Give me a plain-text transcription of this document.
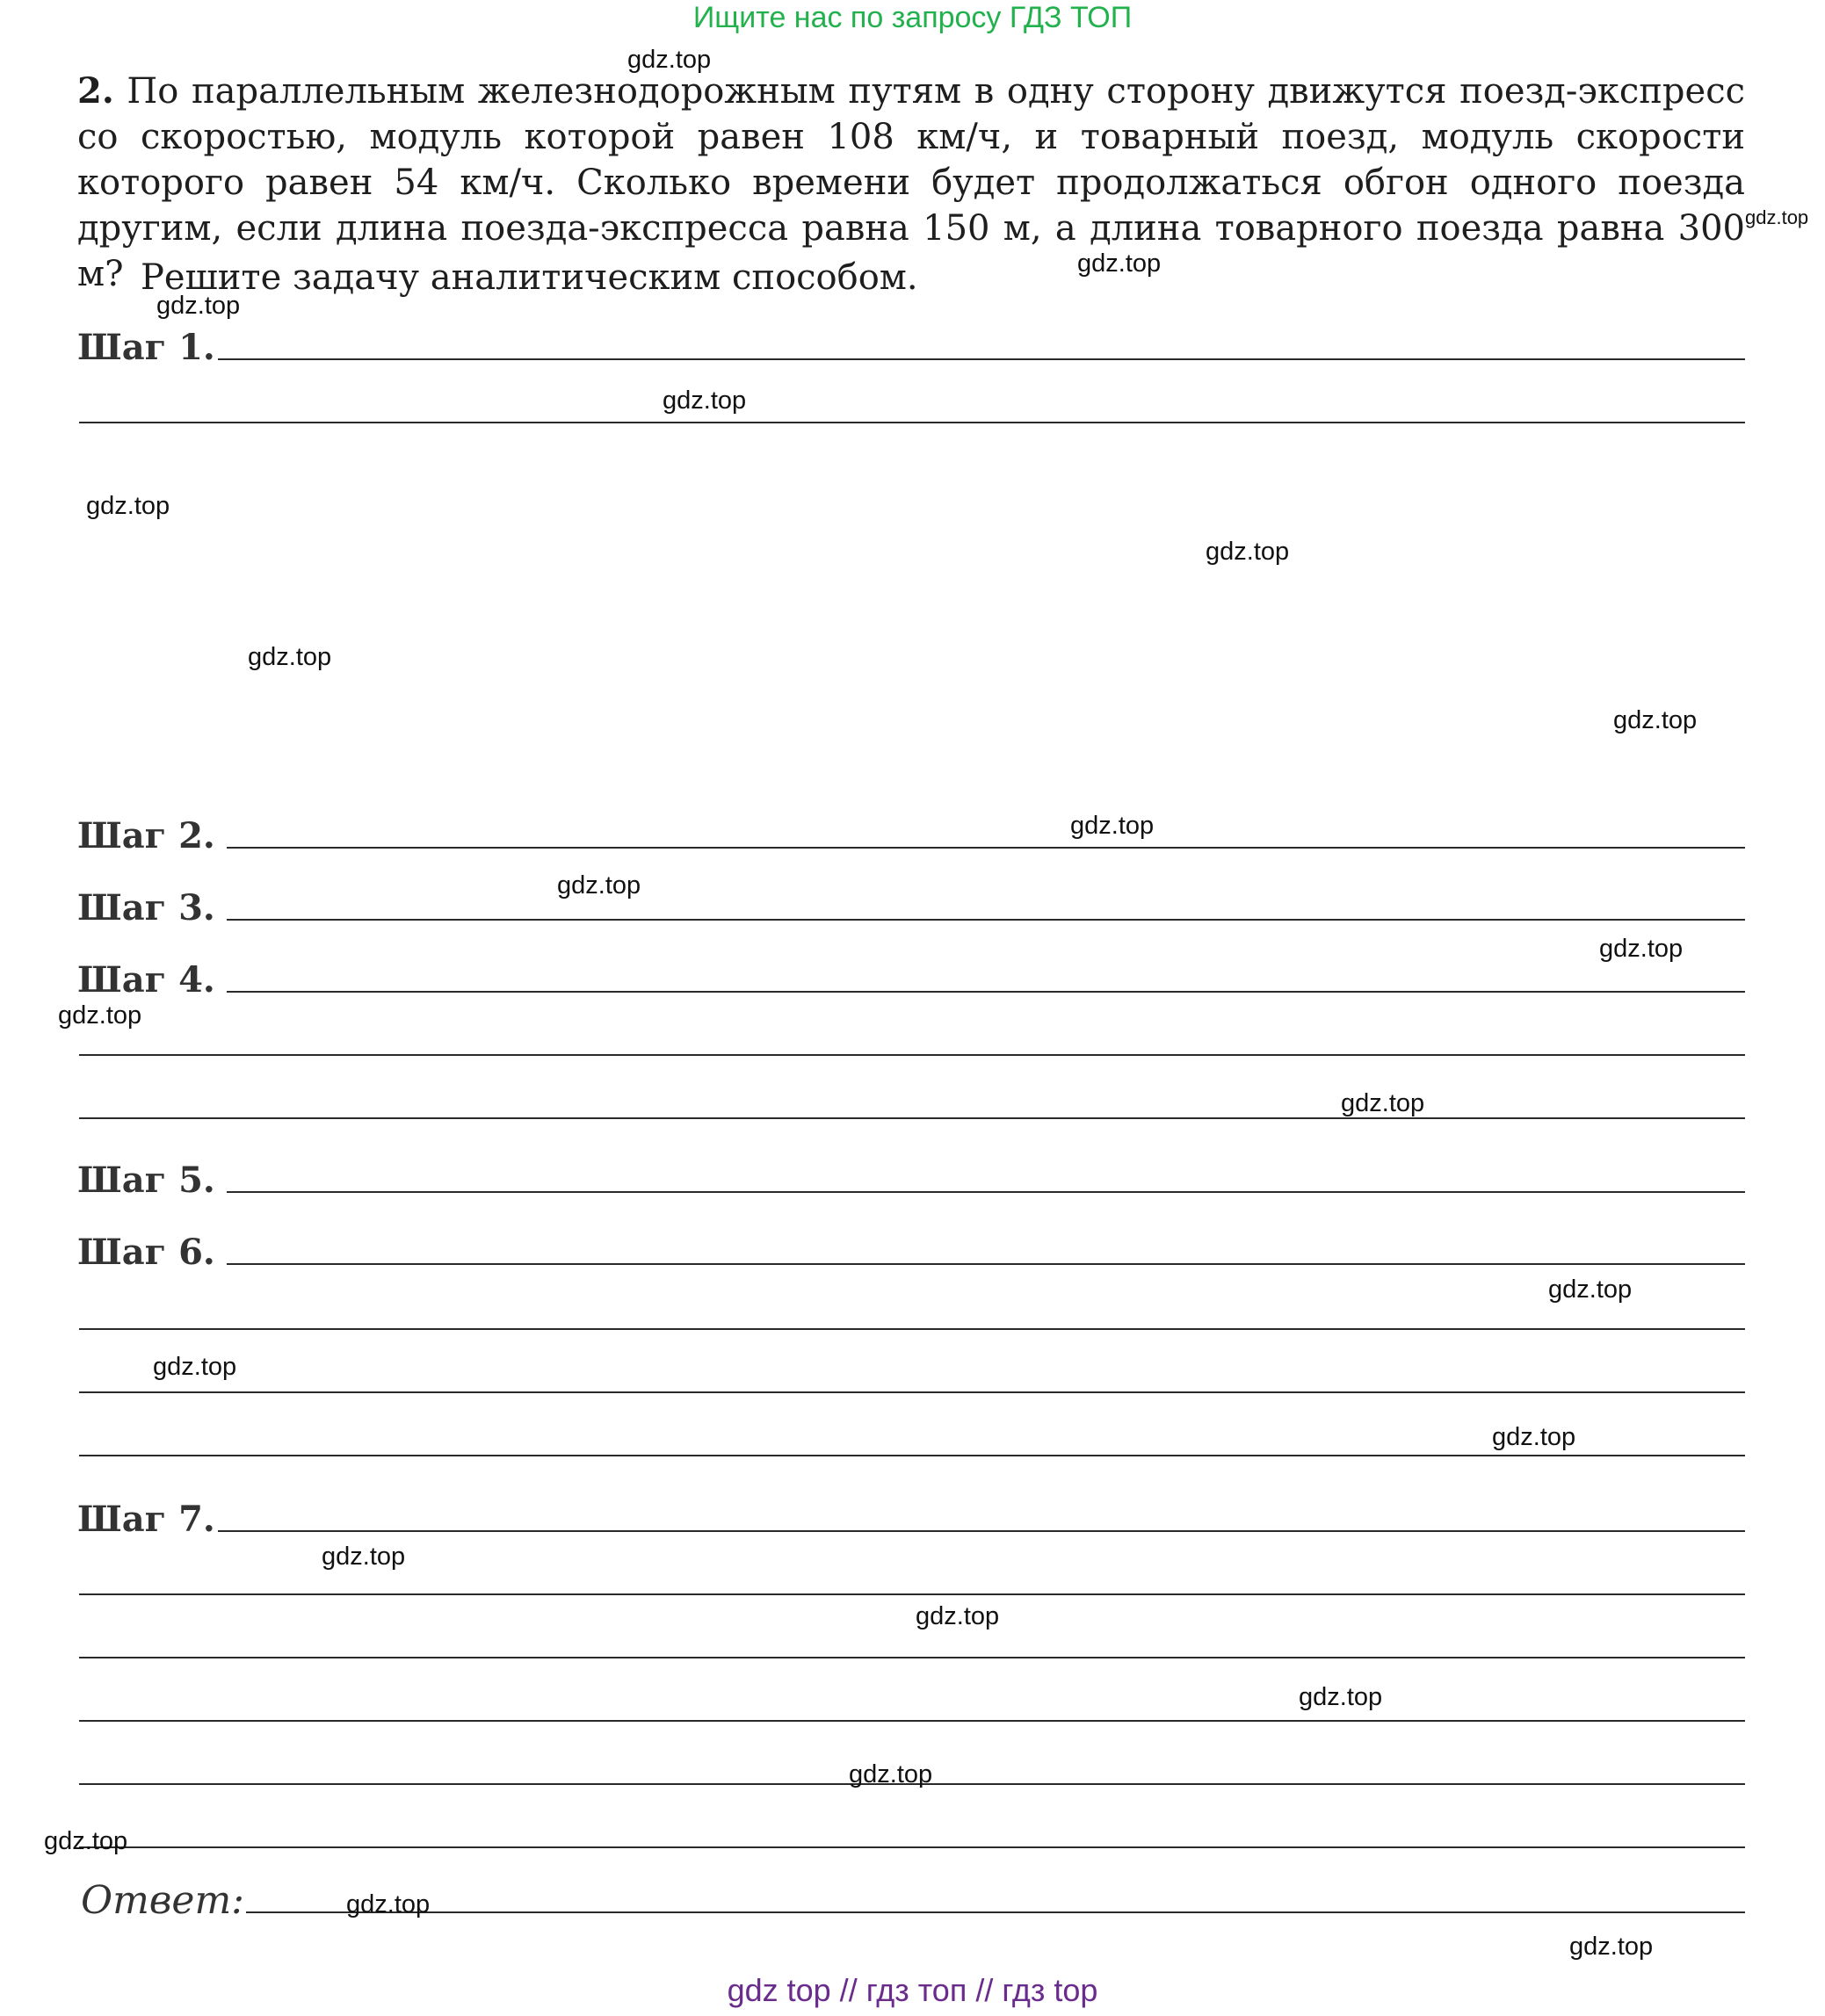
Ищите нас по запросу ГДЗ ТОП
2. По параллельным железнодорожным путям в одну сторону движутся поезд-экспресс со скоростью, модуль которой равен 108 км/ч, и товарный поезд, модуль скорости которого равен 54 км/ч. Сколько времени будет продолжаться обгон одного поезда другим, если длина поезда-экспресса равна 150 м, а длина товарного поезда равна 300 м? Решите задачу аналитическим способом.
Шаг 1.
Шаг 2.
Шаг 3.
Шаг 4.
Шаг 5.
Шаг 6.
Шаг 7.
Ответ:
gdz.top
gdz.top
gdz.top
gdz.top
gdz.top
gdz.top
gdz.top
gdz.top
gdz.top
gdz.top
gdz.top
gdz.top
gdz.top
gdz.top
gdz.top
gdz.top
gdz.top
gdz.top
gdz.top
gdz.top
gdz.top
gdz.top
gdz.top
gdz.top
gdz top // гдз топ // гдз top
